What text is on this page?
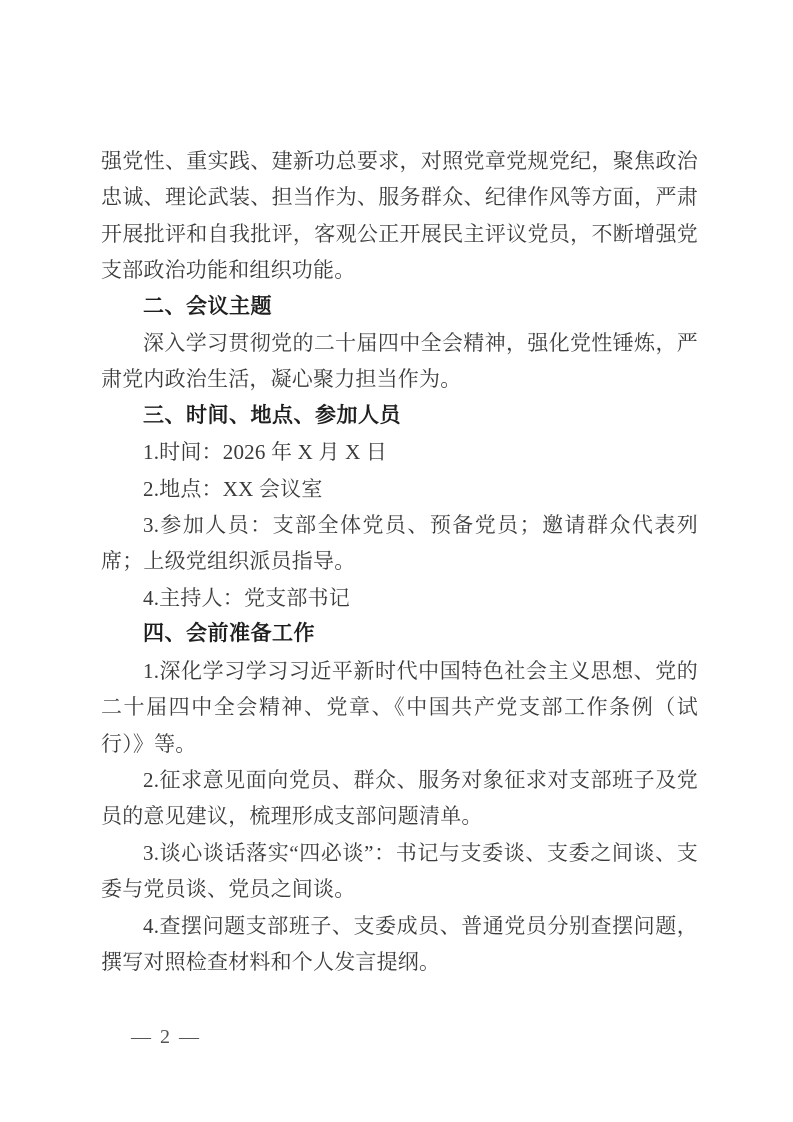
强党性、重实践、建新功总要求，对照党章党规党纪，聚焦政治忠诚、理论武装、担当作为、服务群众、纪律作风等方面，严肃开展批评和自我批评，客观公正开展民主评议党员，不断增强党支部政治功能和组织功能。

二、会议主题

深入学习贯彻党的二十届四中全会精神，强化党性锤炼，严肃党内政治生活，凝心聚力担当作为。

三、时间、地点、参加人员

1.时间：2026 年 X 月 X 日

2.地点：XX 会议室

3.参加人员：支部全体党员、预备党员；邀请群众代表列席；上级党组织派员指导。

4.主持人：党支部书记

四、会前准备工作

1.深化学习学习习近平新时代中国特色社会主义思想、党的二十届四中全会精神、党章、《中国共产党支部工作条例（试行）》等。

2.征求意见面向党员、群众、服务对象征求对支部班子及党员的意见建议，梳理形成支部问题清单。

3.谈心谈话落实“四必谈”：书记与支委谈、支委之间谈、支委与党员谈、党员之间谈。

4.查摆问题支部班子、支委成员、普通党员分别查摆问题，撰写对照检查材料和个人发言提纲。

— 2 —
